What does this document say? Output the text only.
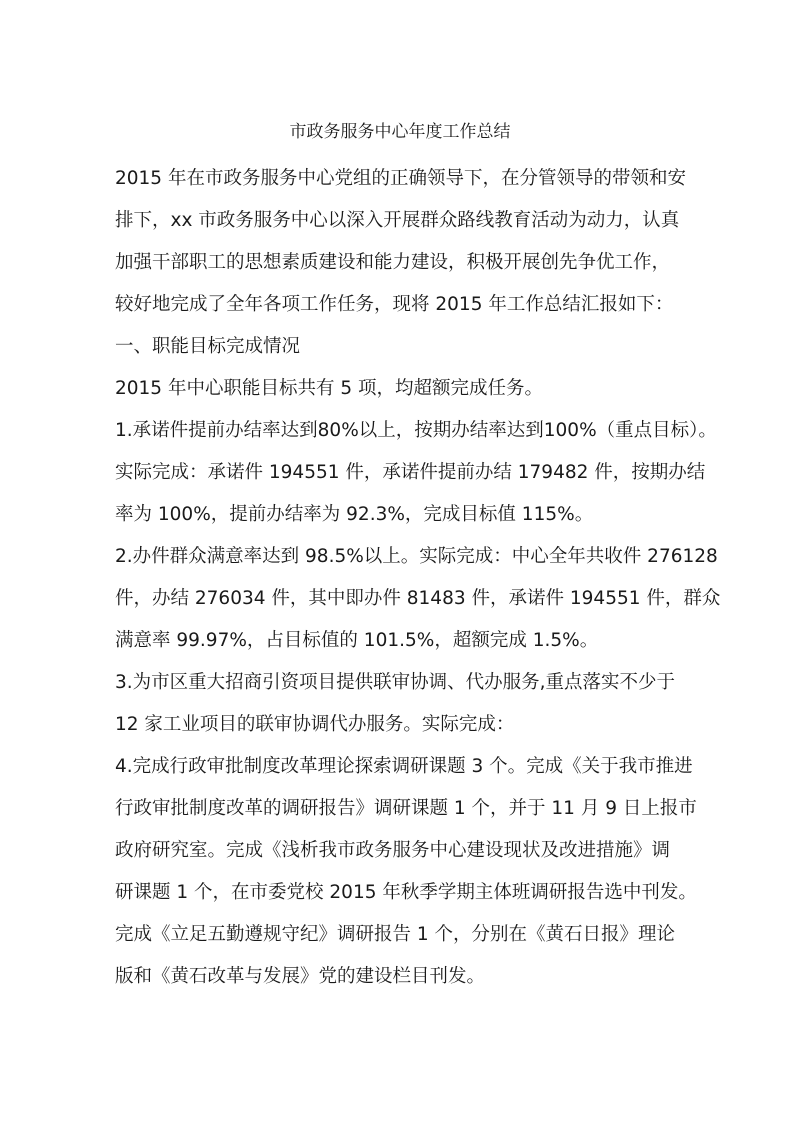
市政务服务中心年度工作总结
2015 年在市政务服务中心党组的正确领导下，在分管领导的带领和安
排下，xx 市政务服务中心以深入开展群众路线教育活动为动力，认真
加强干部职工的思想素质建设和能力建设，积极开展创先争优工作，
较好地完成了全年各项工作任务，现将 2015 年工作总结汇报如下：
一、职能目标完成情况
2015 年中心职能目标共有 5 项，均超额完成任务。
1.承诺件提前办结率达到80%以上，按期办结率达到100%（重点目标）。
实际完成：承诺件 194551 件，承诺件提前办结 179482 件，按期办结
率为 100%，提前办结率为 92.3%，完成目标值 115%。
2.办件群众满意率达到 98.5%以上。实际完成：中心全年共收件 276128
件，办结 276034 件，其中即办件 81483 件，承诺件 194551 件，群众
满意率 99.97%，占目标值的 101.5%，超额完成 1.5%。
3.为市区重大招商引资项目提供联审协调、代办服务,重点落实不少于
12 家工业项目的联审协调代办服务。实际完成：
4.完成行政审批制度改革理论探索调研课题 3 个。完成《关于我市推进
行政审批制度改革的调研报告》调研课题 1 个，并于 11 月 9 日上报市
政府研究室。完成《浅析我市政务服务中心建设现状及改进措施》调
研课题 1 个，在市委党校 2015 年秋季学期主体班调研报告选中刊发。
完成《立足五勤遵规守纪》调研报告 1 个，分别在《黄石日报》理论
版和《黄石改革与发展》党的建设栏目刊发。
